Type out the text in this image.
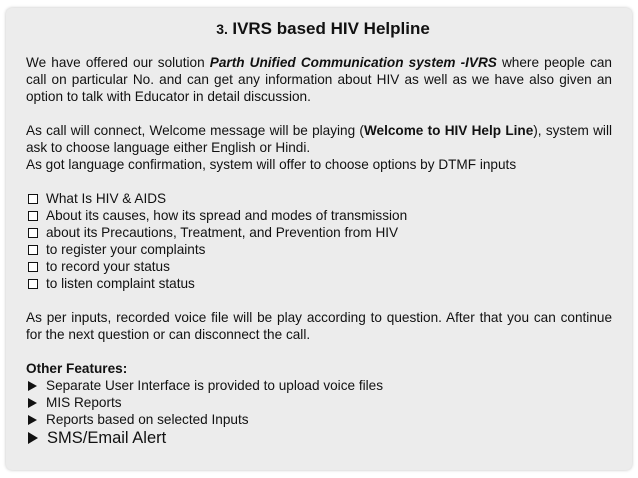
3. IVRS based HIV Helpline

We have offered our solution Parth Unified Communication system -IVRS where people can call on particular No. and can get any information about HIV as well as we have also given an option to talk with Educator in detail discussion.

As call will connect, Welcome message will be playing (Welcome to HIV Help Line), system will ask to choose language either English or Hindi.

As got language confirmation, system will offer to choose options by DTMF inputs

What Is HIV & AIDS
About its causes, how its spread and modes of transmission
about its Precautions, Treatment, and Prevention from HIV
to register your complaints
to record your status
to listen complaint status

As per inputs, recorded voice file will be play according to question. After that you can continue for the next question or can disconnect the call.

Other Features:

Separate User Interface is provided to upload voice files
MIS Reports
Reports based on selected Inputs
SMS/Email Alert
